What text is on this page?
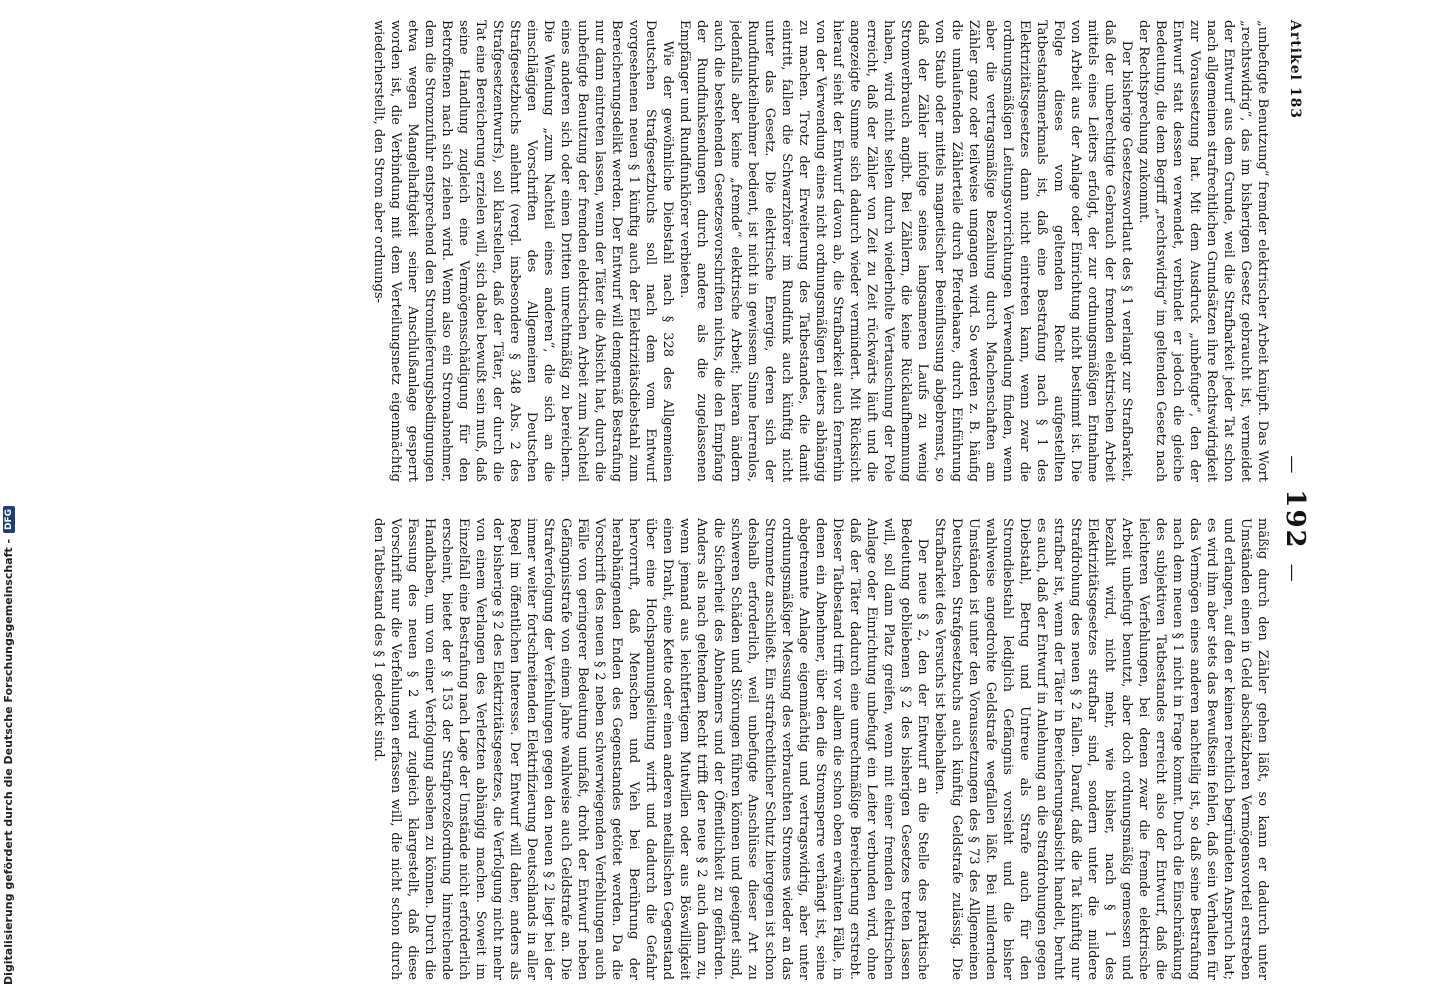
Digitalisierung gefördert durch die Deutsche Forschungsgemeinschaft -
DFG
Artikel 183
—192—

„unbefugte Benutzung“ fremder elektrischer Arbeit knüpft. Das Wort „rechtswidrig“, das im bisherigen Gesetz gebraucht ist, vermeidet der Entwurf aus dem Grunde, weil die Strafbarkeit jeder Tat schon nach allgemeinen strafrechtlichen Grundsätzen ihre Rechtswidrigkeit zur Voraussetzung hat. Mit dem Ausdruck „unbefugte“, den der Entwurf statt dessen verwendet, verbindet er jedoch die gleiche Bedeutung, die dem Begriff „rechtswidrig“ im geltenden Gesetz nach der Rechtsprechung zukommt.

Der bisherige Gesetzeswortlaut des § 1 verlangt zur Strafbarkeit, daß der unberechtigte Gebrauch der fremden elektrischen Arbeit mittels eines Leiters erfolgt, der zur ordnungsmäßigen Entnahme von Arbeit aus der Anlage oder Einrichtung nicht bestimmt ist. Die Folge dieses vom geltenden Recht aufgestellten Tatbestandsmerkmals ist, daß eine Bestrafung nach § 1 des Elektrizitätsgesetzes dann nicht eintreten kann, wenn zwar die ordnungsmäßigen Leitungsvorrichtungen Verwendung finden, wenn aber die vertragsmäßige Bezahlung durch Machenschaften am Zähler ganz oder teilweise umgangen wird. So werden z. B. häufig die umlaufenden Zählerteile durch Pferdehaare, durch Einführung von Staub oder mittels magnetischer Beeinflussung abgebremst, so daß der Zähler infolge seines langsameren Laufs zu wenig Stromverbrauch angibt. Bei Zählern, die keine Rücklaufhemmung haben, wird nicht selten durch wiederholte Vertauschung der Pole erreicht, daß der Zähler von Zeit zu Zeit rückwärts läuft und die angezeigte Summe sich dadurch wieder vermindert. Mit Rücksicht hierauf sieht der Entwurf davon ab, die Strafbarkeit auch fernerhin von der Verwendung eines nicht ordnungsmäßigen Leiters abhängig zu machen. Trotz der Erweiterung des Tatbestandes, die damit eintritt, fallen die Schwarzhörer im Rundfunk auch künftig nicht unter das Gesetz. Die elektrische Energie, deren sich der Rundfunkteilnehmer bedient, ist nicht in gewissem Sinne herrenlos, jedenfalls aber keine „fremde“ elektrische Arbeit; hieran ändern auch die bestehenden Gesetzesvorschriften nichts, die den Empfang der Rundfunksendungen durch andere als die zugelassenen Empfänger und Rundfunkhörer verbieten.

Wie der gewöhnliche Diebstahl nach § 328 des Allgemeinen Deutschen Strafgesetzbuchs soll nach dem vom Entwurf vorgesehenen neuen § 1 künftig auch der Elektrizitätsdiebstahl zum Bereicherungsdelikt werden. Der Entwurf will demgemäß Bestrafung nur dann eintreten lassen, wenn der Täter die Absicht hat, durch die unbefugte Benutzung der fremden elektrischen Arbeit zum Nachteil eines anderen sich oder einen Dritten unrechtmäßig zu bereichern. Die Wendung „zum Nachteil eines anderen“, die sich an die einschlägigen Vorschriften des Allgemeinen Deutschen Strafgesetzbuchs anlehnt (vergl. insbesondere § 348 Abs. 2 des Strafgesetzentwurfs), soll klarstellen, daß der Täter, der durch die Tat eine Bereicherung erzielen will, sich dabei bewußt sein muß, daß seine Handlung zugleich eine Vermögensschädigung für den Betroffenen nach sich ziehen wird. Wenn also ein Stromabnehmer, dem die Stromzufuhr entsprechend den Stromlieferungsbedingungen etwa wegen Mangelhaftigkeit seiner Anschlußanlage gesperrt worden ist, die Verbindung mit dem Verteilungsnetz eigenmächtig wiederherstellt, den Strom aber ordnungs-

mäßig durch den Zähler gehen läßt, so kann er dadurch unter Umständen einen in Geld abschätzbaren Vermögensvorteil erstreben und erlangen, auf den er keinen rechtlich begründeten Anspruch hat; es wird ihm aber stets das Bewußtsein fehlen, daß sein Verhalten für das Vermögen eines anderen nachteilig ist, so daß seine Bestrafung nach dem neuen § 1 nicht in Frage kommt. Durch die Einschränkung des subjektiven Tatbestandes erreicht also der Entwurf, daß die leichteren Verfehlungen, bei denen zwar die fremde elektrische Arbeit unbefugt benutzt, aber doch ordnungsmäßig gemessen und bezahlt wird, nicht mehr, wie bisher, nach § 1 des Elektrizitätsgesetzes strafbar sind, sondern unter die mildere Strafdrohung des neuen § 2 fallen. Darauf, daß die Tat künftig nur strafbar ist, wenn der Täter in Bereicherungsabsicht handelt, beruht es auch, daß der Entwurf in Anlehnung an die Strafdrohungen gegen Diebstahl, Betrug und Untreue als Strafe auch für den Stromdiebstahl lediglich Gefängnis vorsieht und die bisher wahlweise angedrohte Geldstrafe wegfallen läßt. Bei mildernden Umständen ist unter den Voraussetzungen des § 73 des Allgemeinen Deutschen Strafgesetzbuchs auch künftig Geldstrafe zulässig. Die Strafbarkeit des Versuchs ist beibehalten.

Der neue § 2, den der Entwurf an die Stelle des praktische Bedeutung gebliebenen § 2 des bisherigen Gesetzes treten lassen will, soll dann Platz greifen, wenn mit einer fremden elektrischen Anlage oder Einrichtung unbefugt ein Leiter verbunden wird, ohne daß der Täter dadurch eine unrechtmäßige Bereicherung erstrebt. Dieser Tatbestand trifft vor allem die schon oben erwähnten Fälle, in denen ein Abnehmer, über den die Stromsperre verhängt ist, seine abgetrennte Anlage eigenmächtig und vertragswidrig, aber unter ordnungsmäßiger Messung des verbrauchten Stromes wieder an das Stromnetz anschließt. Ein strafrechtlicher Schutz hiergegen ist schon deshalb erforderlich, weil unbefugte Anschlüsse dieser Art zu schweren Schäden und Störungen führen können und geeignet sind, die Sicherheit des Abnehmers und der Öffentlichkeit zu gefährden. Anders als nach geltendem Recht trifft der neue § 2 auch dann zu, wenn jemand aus leichtfertigem Mutwillen oder aus Böswilligkeit einen Draht, eine Kette oder einen anderen metallischen Gegenstand über eine Hochspannungsleitung wirft und dadurch die Gefahr hervorruft, daß Menschen und Vieh bei Berührung der herabhängenden Enden des Gegenstandes getötet werden. Da die Vorschrift des neuen § 2 neben schwerwiegenden Verfehlungen auch Fälle von geringerer Bedeutung umfaßt, droht der Entwurf neben Gefängnisstrafe von einem Jahre wahlweise auch Geldstrafe an. Die Strafverfolgung der Verfehlungen gegen den neuen § 2 liegt bei der immer weiter fortschreitenden Elektrifizierung Deutschlands in aller Regel im öffentlichen Interesse. Der Entwurf will daher, anders als der bisherige § 2 des Elektrizitätsgesetzes, die Verfolgung nicht mehr von einem Verlangen des Verletzten abhängig machen. Soweit im Einzelfall eine Bestrafung nach Lage der Umstände nicht erforderlich erscheint, bietet der § 153 der Strafprozeßordnung hinreichende Handhaben, um von einer Verfolgung absehen zu können. Durch die Fassung des neuen § 2 wird zugleich klargestellt, daß diese Vorschrift nur die Verfehlungen erfassen will, die nicht schon durch den Tatbestand des § 1 gedeckt sind.
